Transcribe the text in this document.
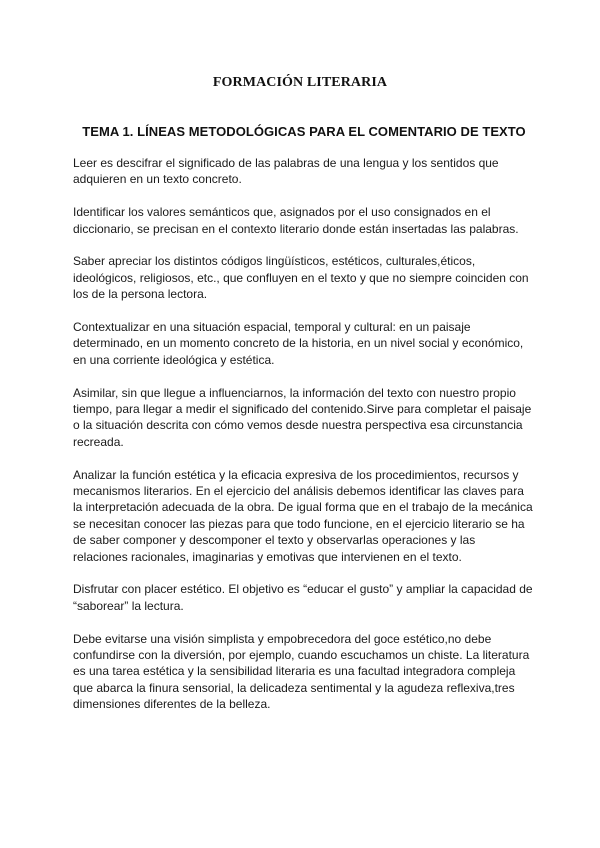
FORMACIÓN LITERARIA
TEMA 1. LÍNEAS METODOLÓGICAS PARA EL COMENTARIO DE TEXTO

Leer es descifrar el significado de las palabras de una lengua y los sentidos que adquieren en un texto concreto.

Identificar los valores semánticos que, asignados por el uso consignados en el diccionario, se precisan en el contexto literario donde están insertadas las palabras.

Saber apreciar los distintos códigos lingüísticos, estéticos, culturales,éticos, ideológicos, religiosos, etc., que confluyen en el texto y que no siempre coinciden con los de la persona lectora.

Contextualizar en una situación espacial, temporal y cultural: en un paisaje determinado, en un momento concreto de la historia, en un nivel social y económico, en una corriente ideológica y estética.

Asimilar, sin que llegue a influenciarnos, la información del texto con nuestro propio tiempo, para llegar a medir el significado del contenido.Sirve para completar el paisaje o la situación descrita con cómo vemos desde nuestra perspectiva esa circunstancia recreada.

Analizar la función estética y la eficacia expresiva de los procedimientos, recursos y mecanismos literarios. En el ejercicio del análisis debemos identificar las claves para la interpretación adecuada de la obra. De igual forma que en el trabajo de la mecánica se necesitan conocer las piezas para que todo funcione, en el ejercicio literario se ha de saber componer y descomponer el texto y observarlas operaciones y las relaciones racionales, imaginarias y emotivas que intervienen en el texto.

Disfrutar con placer estético. El objetivo es “educar el gusto” y ampliar la capacidad de “saborear” la lectura.

Debe evitarse una visión simplista y empobrecedora del goce estético,no debe confundirse con la diversión, por ejemplo, cuando escuchamos un chiste. La literatura es una tarea estética y la sensibilidad literaria es una facultad integradora compleja que abarca la finura sensorial, la delicadeza sentimental y la agudeza reflexiva,tres dimensiones diferentes de la belleza.
